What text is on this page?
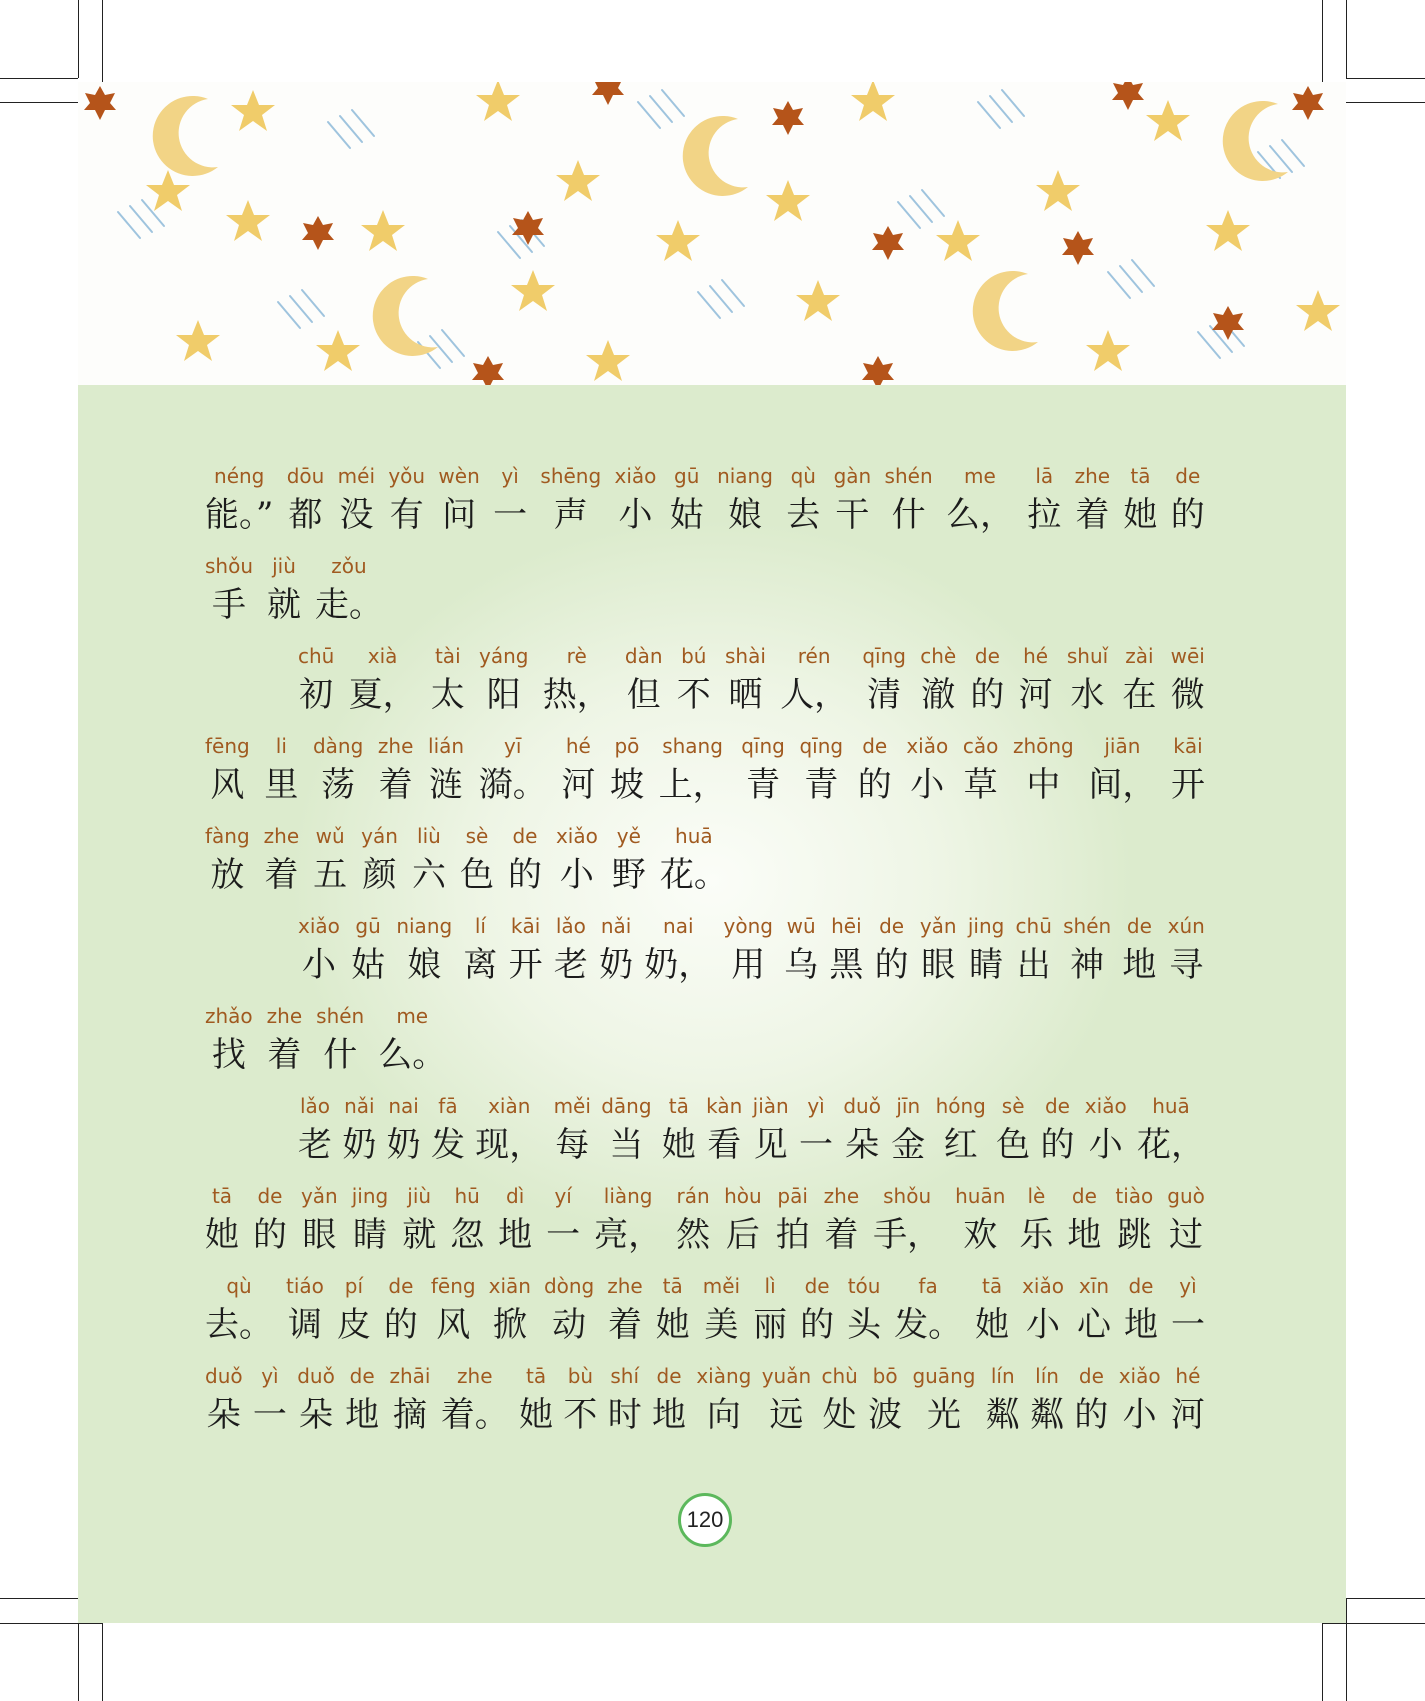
néng
能。”
dōu
都
méi
没
yǒu
有
wèn
问
yì
一
shēng
声
xiǎo
小
gū
姑
niang
娘
qù
去
gàn
干
shén
什
me
么，
lā
拉
zhe
着
tā
她
de
的
shǒu
手
jiù
就
zǒu
走。
chū
初
xià
夏，
tài
太
yáng
阳
rè
热，
dàn
但
bú
不
shài
晒
rén
人，
qīng
清
chè
澈
de
的
hé
河
shuǐ
水
zài
在
wēi
微
fēng
风
li
里
dàng
荡
zhe
着
lián
涟
yī
漪。
hé
河
pō
坡
shang
上，
qīng
青
qīng
青
de
的
xiǎo
小
cǎo
草
zhōng
中
jiān
间，
kāi
开
fàng
放
zhe
着
wǔ
五
yán
颜
liù
六
sè
色
de
的
xiǎo
小
yě
野
huā
花。
xiǎo
小
gū
姑
niang
娘
lí
离
kāi
开
lǎo
老
nǎi
奶
nai
奶，
yòng
用
wū
乌
hēi
黑
de
的
yǎn
眼
jing
睛
chū
出
shén
神
de
地
xún
寻
zhǎo
找
zhe
着
shén
什
me
么。
lǎo
老
nǎi
奶
nai
奶
fā
发
xiàn
现，
měi
每
dāng
当
tā
她
kàn
看
jiàn
见
yì
一
duǒ
朵
jīn
金
hóng
红
sè
色
de
的
xiǎo
小
huā
花，
tā
她
de
的
yǎn
眼
jing
睛
jiù
就
hū
忽
dì
地
yí
一
liàng
亮，
rán
然
hòu
后
pāi
拍
zhe
着
shǒu
手，
huān
欢
lè
乐
de
地
tiào
跳
guò
过
qù
去。
tiáo
调
pí
皮
de
的
fēng
风
xiān
掀
dòng
动
zhe
着
tā
她
měi
美
lì
丽
de
的
tóu
头
fa
发。
tā
她
xiǎo
小
xīn
心
de
地
yì
一
duǒ
朵
yì
一
duǒ
朵
de
地
zhāi
摘
zhe
着。
tā
她
bù
不
shí
时
de
地
xiàng
向
yuǎn
远
chù
处
bō
波
guāng
光
lín
粼
lín
粼
de
的
xiǎo
小
hé
河
120
